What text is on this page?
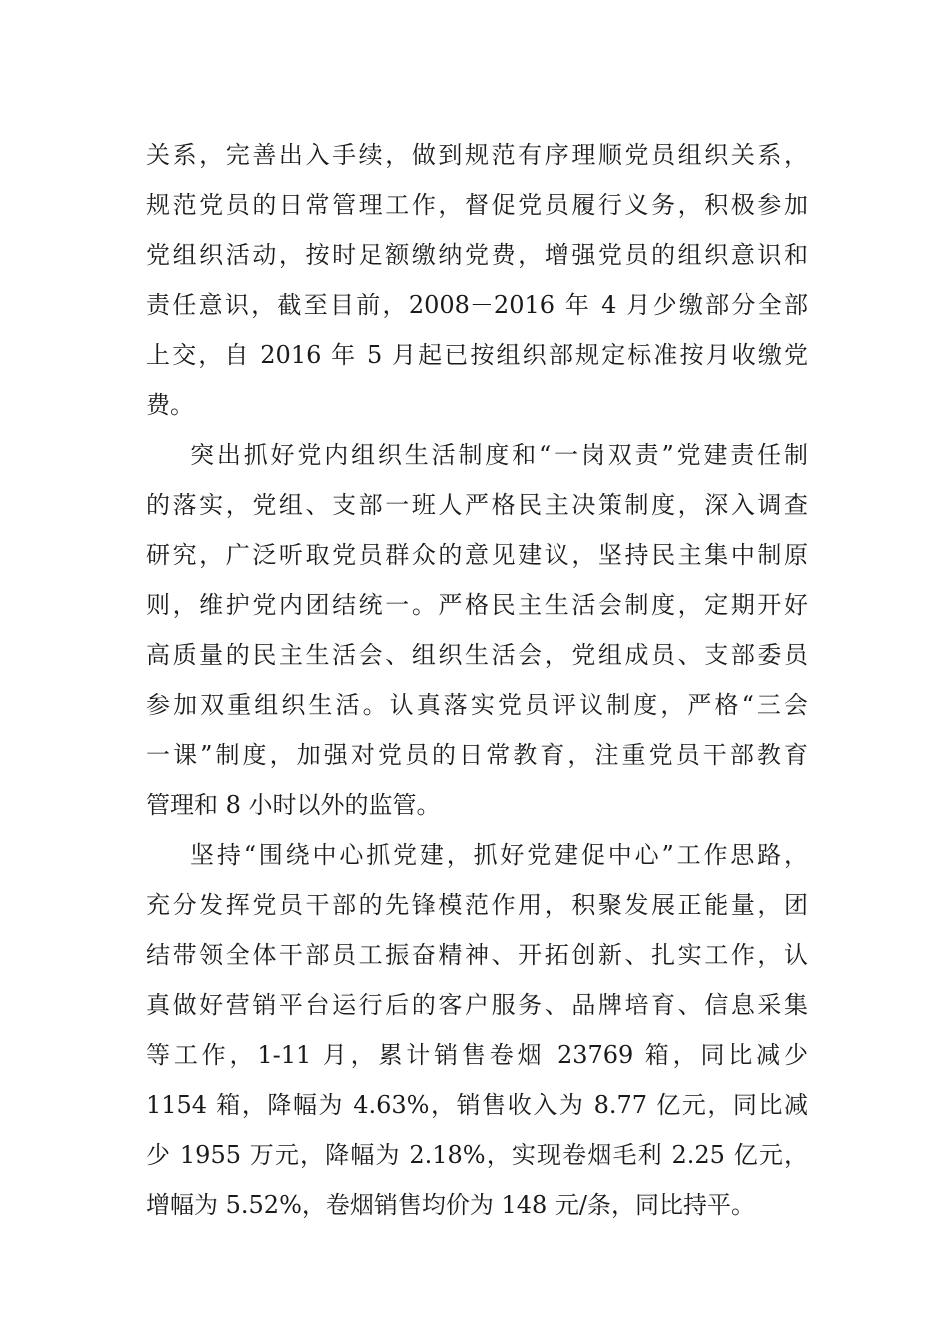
关系，完善出入手续，做到规范有序理顺党员组织关系，
规范党员的日常管理工作，督促党员履行义务，积极参加
党组织活动，按时足额缴纳党费，增强党员的组织意识和
责任意识，截至目前，2008－2016 年 4 月少缴部分全部
上交，自 2016 年 5 月起已按组织部规定标准按月收缴党
费。
突出抓好党内组织生活制度和“一岗双责”党建责任制
的落实，党组、支部一班人严格民主决策制度，深入调查
研究，广泛听取党员群众的意见建议，坚持民主集中制原
则，维护党内团结统一。严格民主生活会制度，定期开好
高质量的民主生活会、组织生活会，党组成员、支部委员
参加双重组织生活。认真落实党员评议制度，严格“三会
一课”制度，加强对党员的日常教育，注重党员干部教育
管理和 8 小时以外的监管。
坚持“围绕中心抓党建，抓好党建促中心”工作思路，
充分发挥党员干部的先锋模范作用，积聚发展正能量，团
结带领全体干部员工振奋精神、开拓创新、扎实工作，认
真做好营销平台运行后的客户服务、品牌培育、信息采集
等工作，1-11 月，累计销售卷烟 23769 箱，同比减少
1154 箱，降幅为 4.63%，销售收入为 8.77 亿元，同比减
少 1955 万元，降幅为 2.18%，实现卷烟毛利 2.25 亿元，
增幅为 5.52%，卷烟销售均价为 148 元/条，同比持平。
